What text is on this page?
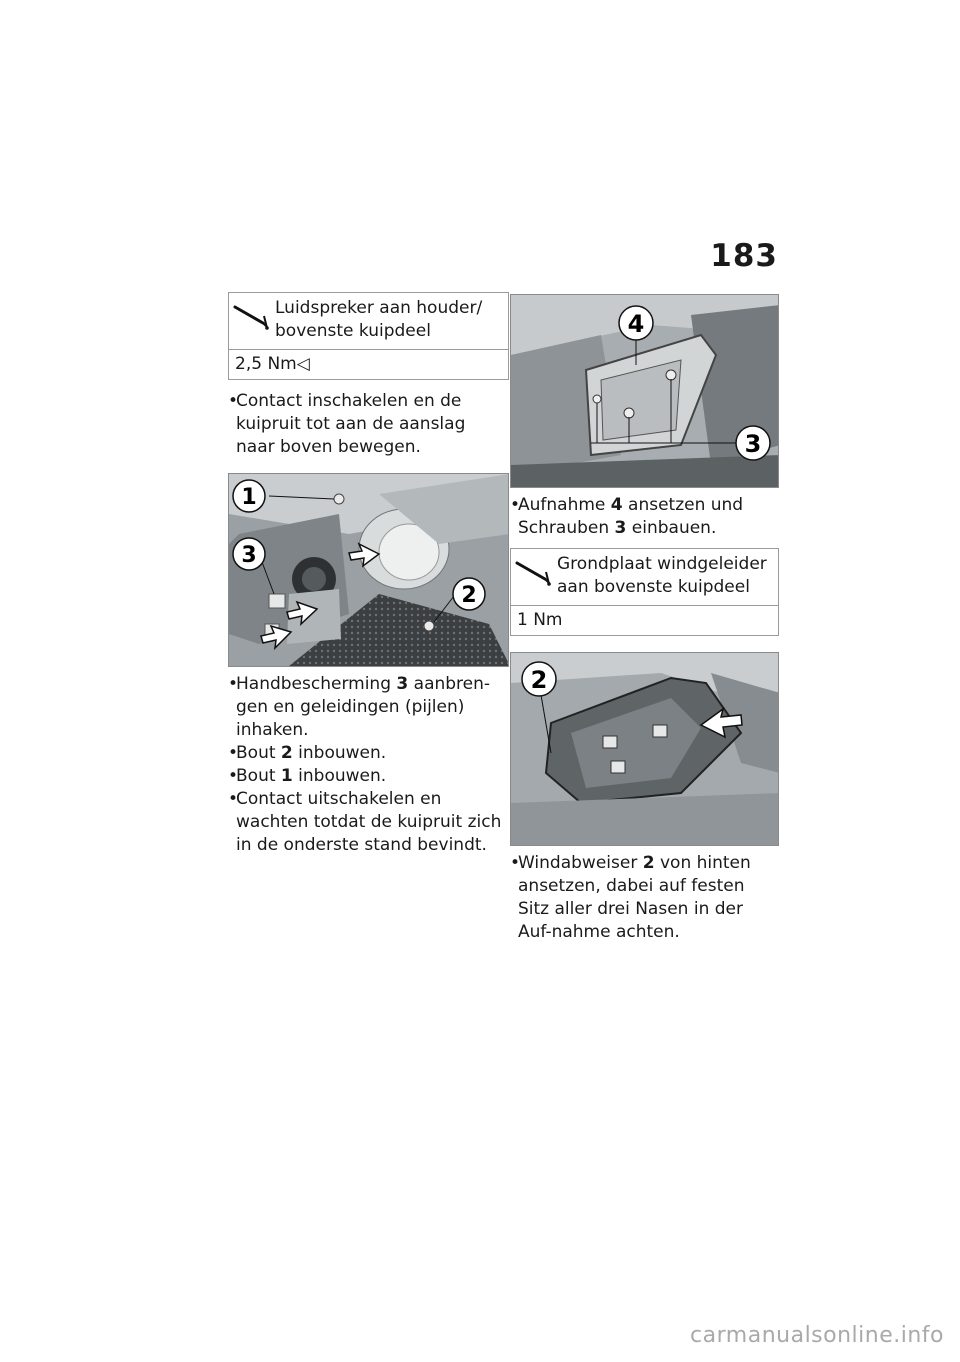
183
Luidspreker aan houder/ bovenste kuipdeel
2,5 Nm◁
• Contact inschakelen en de kuipruit tot aan de aanslag naar boven bewegen.
1
3
2
• Handbescherming 3 aanbren-gen en geleidingen (pijlen) inhaken.
• Bout 2 inbouwen.
• Bout 1 inbouwen.
• Contact uitschakelen en wachten totdat de kuipruit zich in de onderste stand bevindt.
4
3
• Aufnahme 4 ansetzen und Schrauben 3 einbauen.
Grondplaat windgeleider aan bovenste kuipdeel
1 Nm
2
• Windabweiser 2 von hinten ansetzen, dabei auf festen Sitz aller drei Nasen in der Auf-nahme achten.
carmanualsonline.info
